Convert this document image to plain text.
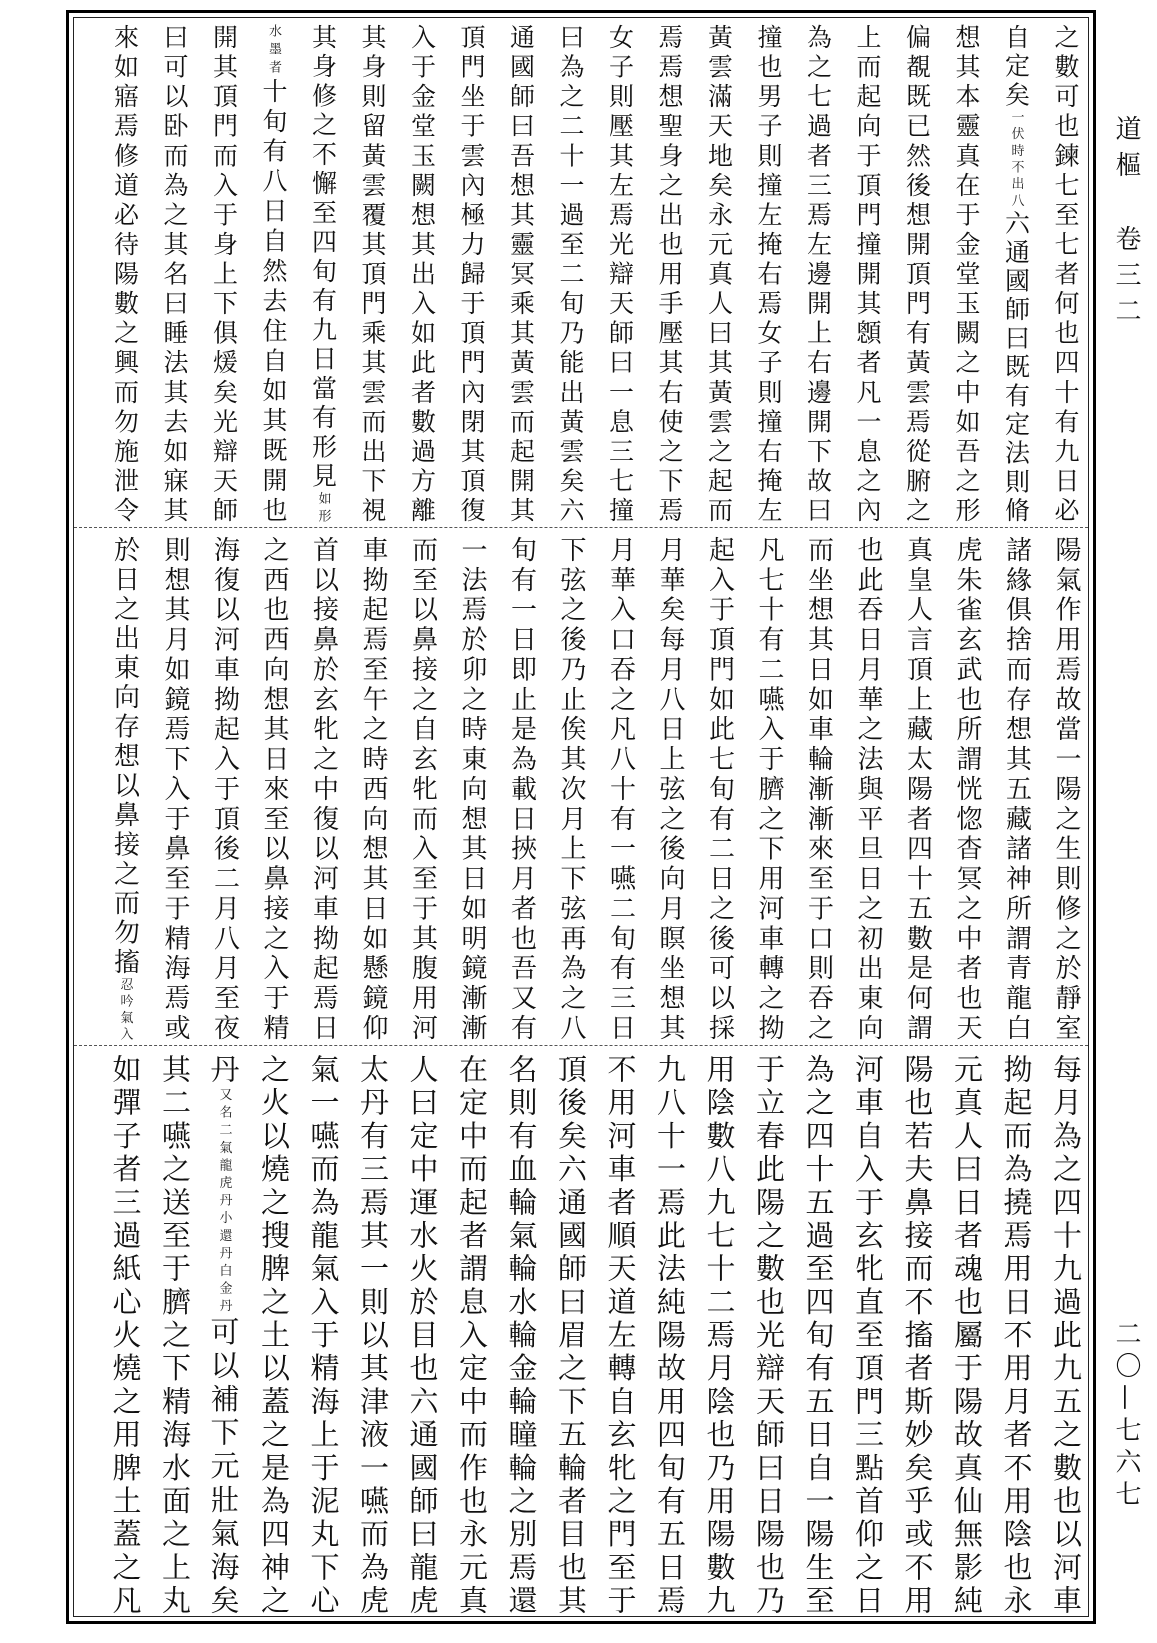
之數可也鍊七至七者何也四十有九日必
自定矣一伏時不出八六通國師曰既有定法則脩
想其本靈真在于金堂玉闕之中如吾之形
偏覩既已然後想開頂門有黃雲焉從腑之
上而起向于頂門撞開其顖者凡一息之內
為之七過者三焉左邊開上右邊開下故曰
撞也男子則撞左掩右焉女子則撞右掩左
黃雲滿天地矣永元真人曰其黃雲之起而
焉焉想聖身之出也用手壓其右使之下焉
女子則壓其左焉光辯天師曰一息三七撞
曰為之二十一過至二旬乃能出黃雲矣六
通國師曰吾想其靈冥乘其黃雲而起開其
頂門坐于雲內極力歸于頂門內閉其頂復
入于金堂玉闕想其出入如此者數過方離
其身則留黃雲覆其頂門乘其雲而出下視
其身修之不懈至四旬有九日當有形見如形
水墨者十旬有八日自然去住自如其既開也
開其頂門而入于身上下俱煖矣光辯天師
曰可以卧而為之其名曰睡法其去如寐其
來如寤焉修道必待陽數之興而勿施泄令
陽氣作用焉故當一陽之生則修之於靜室
諸緣俱捨而存想其五藏諸神所謂青龍白
虎朱雀玄武也所謂恍惚杳冥之中者也天
真皇人言頂上藏太陽者四十五數是何謂
也此吞日月華之法與平旦日之初出東向
而坐想其日如車輪漸漸來至于口則吞之
凡七十有二嚥入于臍之下用河車轉之拗
起入于頂門如此七旬有二日之後可以採
月華矣每月八日上弦之後向月瞑坐想其
月華入口吞之凡八十有一嚥二旬有三日
下弦之後乃止俟其次月上下弦再為之八
旬有一日即止是為載日挾月者也吾又有
一法焉於卯之時東向想其日如明鏡漸漸
而至以鼻接之自玄牝而入至于其腹用河
車拗起焉至午之時西向想其日如懸鏡仰
首以接鼻於玄牝之中復以河車拗起焉日
之西也西向想其日來至以鼻接之入于精
海復以河車拗起入于頂後二月八月至夜
則想其月如鏡焉下入于鼻至于精海焉或
於日之出東向存想以鼻接之而勿搐忍吟氣入
每月為之四十九過此九五之數也以河車
拗起而為撓焉用日不用月者不用陰也永
元真人曰日者魂也屬于陽故真仙無影純
陽也若夫鼻接而不搐者斯妙矣乎或不用
河車自入于玄牝直至頂門三點首仰之日
為之四十五過至四旬有五日自一陽生至
于立春此陽之數也光辯天師曰日陽也乃
用陰數八九七十二焉月陰也乃用陽數九
九八十一焉此法純陽故用四旬有五日焉
不用河車者順天道左轉自玄牝之門至于
頂後矣六通國師曰眉之下五輪者目也其
名則有血輪氣輪水輪金輪瞳輪之別焉還
在定中而起者謂息入定中而作也永元真
人曰定中運水火於目也六通國師曰龍虎
太丹有三焉其一則以其津液一嚥而為虎
氣一嚥而為龍氣入于精海上于泥丸下心
之火以燒之搜脾之土以蓋之是為四神之
丹又名二氣龍虎丹小還丹白金丹可以補下元壯氣海矣
其二嚥之送至于臍之下精海水面之上丸
如彈子者三過紙心火燒之用脾土蓋之凡
道樞
卷三二
二〇—七六七
